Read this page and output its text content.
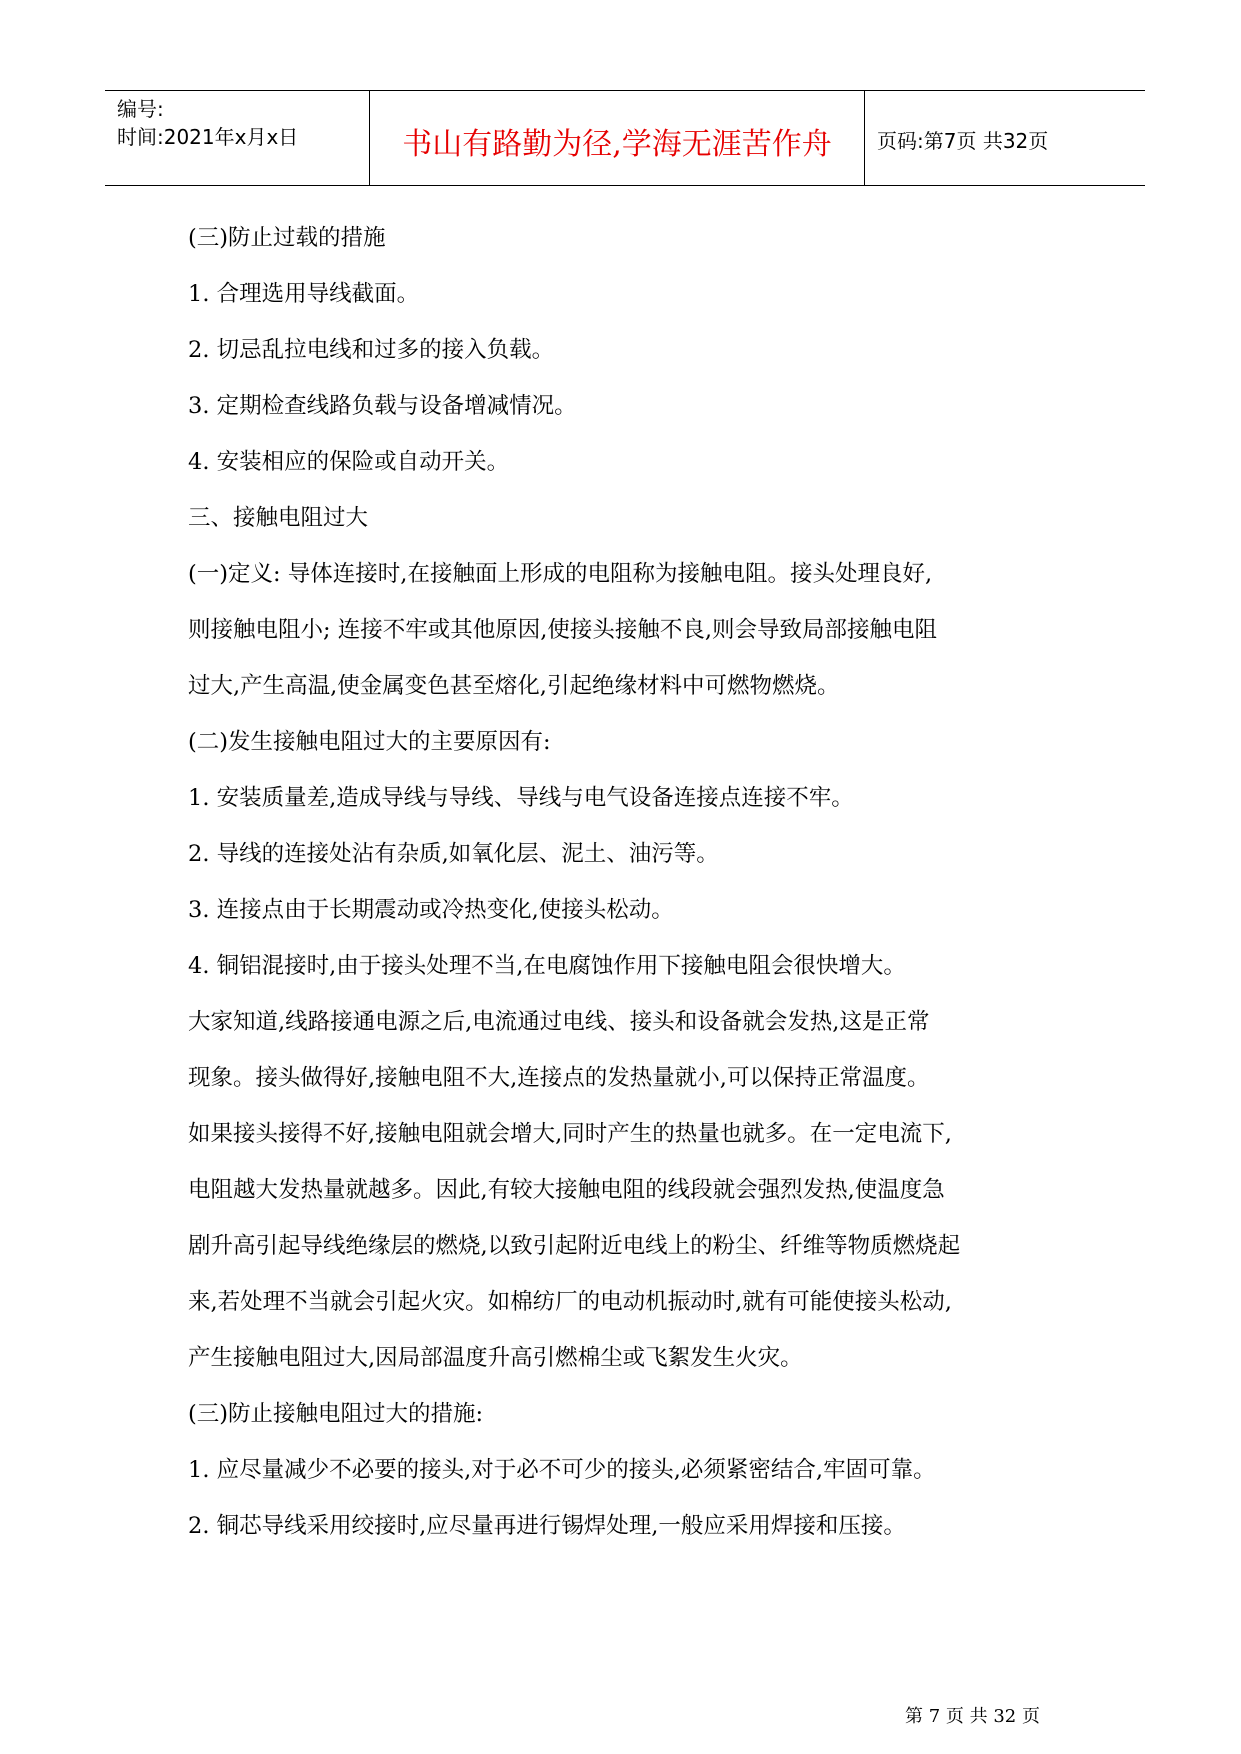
编号:
时间:2021年x月x日	书山有路勤为径,学海无涯苦作舟	页码:第7页 共32页
(三)防止过载的措施
1. 合理选用导线截面。
2. 切忌乱拉电线和过多的接入负载。
3. 定期检查线路负载与设备增减情况。
4. 安装相应的保险或自动开关。
三、接触电阻过大
(一)定义: 导体连接时,在接触面上形成的电阻称为接触电阻。接头处理良好,
则接触电阻小; 连接不牢或其他原因,使接头接触不良,则会导致局部接触电阻
过大,产生高温,使金属变色甚至熔化,引起绝缘材料中可燃物燃烧。
(二)发生接触电阻过大的主要原因有:
1. 安装质量差,造成导线与导线、导线与电气设备连接点连接不牢。
2. 导线的连接处沾有杂质,如氧化层、泥土、油污等。
3. 连接点由于长期震动或冷热变化,使接头松动。
4. 铜铝混接时,由于接头处理不当,在电腐蚀作用下接触电阻会很快增大。
大家知道,线路接通电源之后,电流通过电线、接头和设备就会发热,这是正常
现象。接头做得好,接触电阻不大,连接点的发热量就小,可以保持正常温度。
如果接头接得不好,接触电阻就会增大,同时产生的热量也就多。在一定电流下,
电阻越大发热量就越多。因此,有较大接触电阻的线段就会强烈发热,使温度急
剧升高引起导线绝缘层的燃烧,以致引起附近电线上的粉尘、纤维等物质燃烧起
来,若处理不当就会引起火灾。如棉纺厂的电动机振动时,就有可能使接头松动,
产生接触电阻过大,因局部温度升高引燃棉尘或飞絮发生火灾。
(三)防止接触电阻过大的措施:
1. 应尽量减少不必要的接头,对于必不可少的接头,必须紧密结合,牢固可靠。
2. 铜芯导线采用绞接时,应尽量再进行锡焊处理,一般应采用焊接和压接。
第 7 页 共 32 页
